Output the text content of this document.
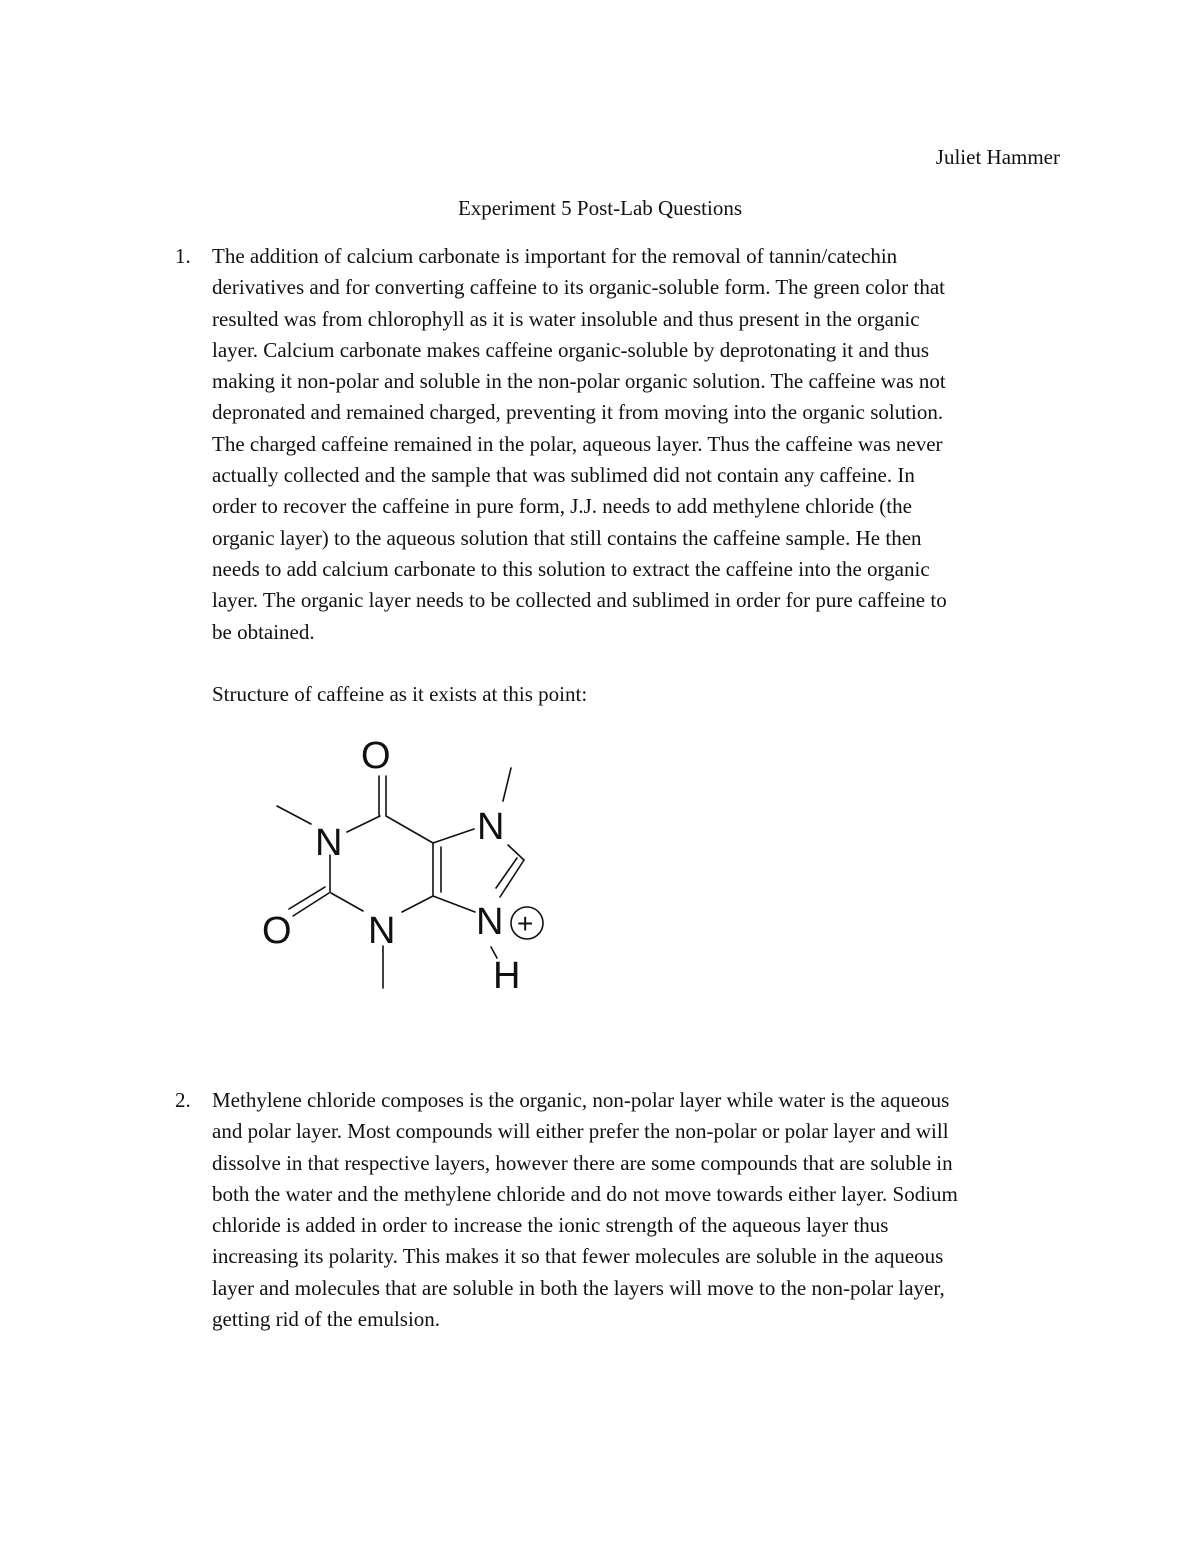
Juliet Hammer
Experiment 5 Post-Lab Questions
1.	The addition of calcium carbonate is important for the removal of tannin/catechin
derivatives and for converting caffeine to its organic-soluble form. The green color that
resulted was from chlorophyll as it is water insoluble and thus present in the organic
layer. Calcium carbonate makes caffeine organic-soluble by deprotonating it and thus
making it non-polar and soluble in the non-polar organic solution. The caffeine was not
depronated and remained charged, preventing it from moving into the organic solution.
The charged caffeine remained in the polar, aqueous layer. Thus the caffeine was never
actually collected and the sample that was sublimed did not contain any caffeine. In
order to recover the caffeine in pure form, J.J. needs to add methylene chloride (the
organic layer) to the aqueous solution that still contains the caffeine sample. He then
needs to add calcium carbonate to this solution to extract the caffeine into the organic
layer. The organic layer needs to be collected and sublimed in order for pure caffeine to
be obtained.
Structure of caffeine as it exists at this point:
O
N
O N
N
N
H
+
2.	Methylene chloride composes is the organic, non-polar layer while water is the aqueous
and polar layer. Most compounds will either prefer the non-polar or polar layer and will
dissolve in that respective layers, however there are some compounds that are soluble in
both the water and the methylene chloride and do not move towards either layer. Sodium
chloride is added in order to increase the ionic strength of the aqueous layer thus
increasing its polarity. This makes it so that fewer molecules are soluble in the aqueous
layer and molecules that are soluble in both the layers will move to the non-polar layer,
getting rid of the emulsion.
